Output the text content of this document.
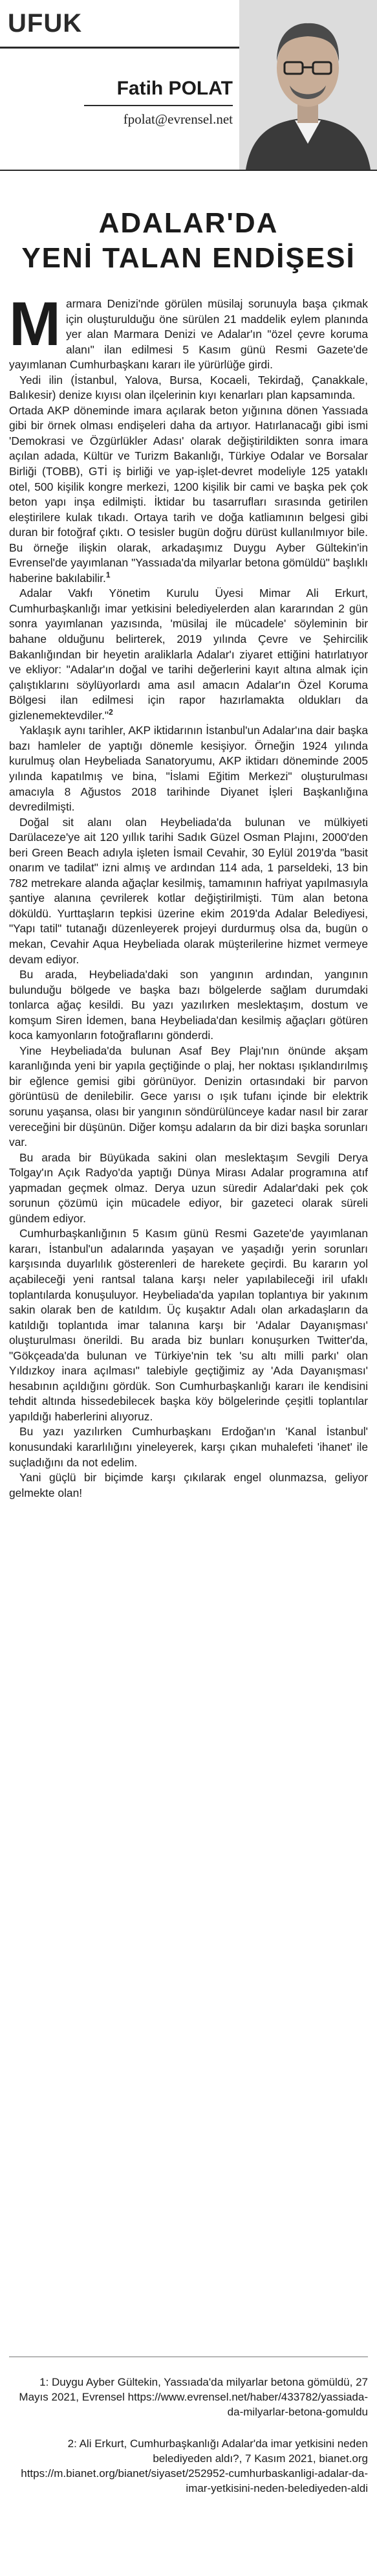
UFUK
Fatih POLAT
fpolat@evrensel.net
ADALAR'DA
YENİ TALAN ENDİŞESİ

Marmara Denizi'nde görülen müsilaj sorunuyla başa çıkmak için oluşturulduğu öne sürülen 21 maddelik eylem planında yer alan Marmara Denizi ve Adalar'ın "özel çevre koruma alanı" ilan edilmesi 5 Kasım günü Resmi Gazete'de yayımlanan Cumhurbaşkanı kararı ile yürürlüğe girdi.

Yedi ilin (İstanbul, Yalova, Bursa, Kocaeli, Tekirdağ, Çanakkale, Balıkesir) denize kıyısı olan ilçelerinin kıyı kenarları plan kapsamında.

Ortada AKP döneminde imara açılarak beton yığınına dönen Yassıada gibi bir örnek olması endişeleri daha da artıyor. Hatırlanacağı gibi ismi 'Demokrasi ve Özgürlükler Adası' olarak değiştirildikten sonra imara açılan adada, Kültür ve Turizm Bakanlığı, Türkiye Odalar ve Borsalar Birliği (TOBB), GTİ iş birliği ve yap-işlet-devret modeliyle 125 yataklı otel, 500 kişilik kongre merkezi, 1200 kişilik bir cami ve başka pek çok beton yapı inşa edilmişti. İktidar bu tasarrufları sırasında getirilen eleştirilere kulak tıkadı. Ortaya tarih ve doğa katliamının belgesi gibi duran bir fotoğraf çıktı. O tesisler bugün doğru dürüst kullanılmıyor bile. Bu örneğe ilişkin olarak, arkadaşımız Duygu Ayber Gültekin'in Evrensel'de yayımlanan "Yassıada'da milyarlar betona gömüldü" başlıklı haberine bakılabilir.$^1$

Adalar Vakfı Yönetim Kurulu Üyesi Mimar Ali Erkurt, Cumhurbaşkanlığı imar yetkisini belediyelerden alan kararından 2 gün sonra yayımlanan yazısında, 'müsilaj ile mücadele' söyleminin bir bahane olduğunu belirterek, 2019 yılında Çevre ve Şehircilik Bakanlığından bir heyetin araliklarla Adalar'ı ziyaret ettiğini hatırlatıyor ve ekliyor: "Adalar'ın doğal ve tarihi değerlerini kayıt altına almak için çalıştıklarını söylüyorlardı ama asıl amacın Adalar'ın Özel Koruma Bölgesi ilan edilmesi için rapor hazırlamakta oldukları da gizlenemektevdiler."$^2$

Yaklaşık aynı tarihler, AKP iktidarının İstanbul'un Adalar'ına dair başka bazı hamleler de yaptığı dönemle kesişiyor. Örneğin 1924 yılında kurulmuş olan Heybeliada Sanatoryumu, AKP iktidarı döneminde 2005 yılında kapatılmış ve bina, "İslami Eğitim Merkezi" oluşturulması amacıyla 8 Ağustos 2018 tarihinde Diyanet İşleri Başkanlığına devredilmişti.

Doğal sit alanı olan Heybeliada'da bulunan ve mülkiyeti Darülaceze'ye ait 120 yıllık tarihi Sadık Güzel Osman Plajını, 2000'den beri Green Beach adıyla işleten İsmail Cevahir, 30 Eylül 2019'da "basit onarım ve tadilat" izni almış ve ardından 114 ada, 1 parseldeki, 13 bin 782 metrekare alanda ağaçlar kesilmiş, tamamının hafriyat yapılmasıyla şantiye alanına çevrilerek kotlar değiştirilmişti. Tüm alan betona döküldü. Yurttaşların tepkisi üzerine ekim 2019'da Adalar Belediyesi, "Yapı tatil" tutanağı düzenleyerek projeyi durdurmuş olsa da, bugün o mekan, Cevahir Aqua Heybeliada olarak müşterilerine hizmet vermeye devam ediyor.

Bu arada, Heybeliada'daki son yangının ardından, yangının bulunduğu bölgede ve başka bazı bölgelerde sağlam durumdaki tonlarca ağaç kesildi. Bu yazı yazılırken meslektaşım, dostum ve komşum Siren İdemen, bana Heybeliada'dan kesilmiş ağaçları götüren koca kamyonların fotoğraflarını gönderdi.

Yine Heybeliada'da bulunan Asaf Bey Plajı'nın önünde akşam karanlığında yeni bir yapıla geçtiğinde o plaj, her noktası ışıklandırılmış bir eğlence gemisi gibi görünüyor. Denizin ortasındaki bir parvon görüntüsü de denilebilir. Gece yarısı o ışık tufanı içinde bir elektrik sorunu yaşansa, olası bir yangının söndürülünceye kadar nasıl bir zarar vereceğini bir düşünün. Diğer komşu adaların da bir dizi başka sorunları var.

Bu arada bir Büyükada sakini olan meslektaşım Sevgili Derya Tolgay'ın Açık Radyo'da yaptığı Dünya Mirası Adalar programına atıf yapmadan geçmek olmaz. Derya uzun süredir Adalar'daki pek çok sorunun çözümü için mücadele ediyor, bir gazeteci olarak süreli gündem ediyor.

Cumhurbaşkanlığının 5 Kasım günü Resmi Gazete'de yayımlanan kararı, İstanbul'un adalarında yaşayan ve yaşadığı yerin sorunları karşısında duyarlılık gösterenleri de harekete geçirdi. Bu kararın yol açabileceği yeni rantsal talana karşı neler yapılabileceği iril ufaklı toplantılarda konuşuluyor. Heybeliada'da yapılan toplantıya bir yakınım sakin olarak ben de katıldım. Üç kuşaktır Adalı olan arkadaşların da katıldığı toplantıda imar talanına karşı bir 'Adalar Dayanışması' oluşturulması önerildi. Bu arada biz bunları konuşurken Twitter'da, "Gökçeada'da bulunan ve Türkiye'nin tek 'su altı milli parkı' olan Yıldızkoy inara açılması" talebiyle geçtiğimiz ay 'Ada Dayanışması' hesabının açıldığını gördük. Son Cumhurbaşkanlığı kararı ile kendisini tehdit altında hissedebilecek başka köy bölgelerinde çeşitli toplantılar yapıldığı haberlerini alıyoruz.

Bu yazı yazılırken Cumhurbaşkanı Erdoğan'ın 'Kanal İstanbul' konusundaki kararlılığını yineleyerek, karşı çıkan muhalefeti 'ihanet' ile suçladığını da not edelim.

Yani güçlü bir biçimde karşı çıkılarak engel olunmazsa, geliyor gelmekte olan!

1: Duygu Ayber Gültekin, Yassıada'da milyarlar betona gömüldü, 27 Mayıs 2021, Evrensel https://www.evrensel.net/haber/433782/yassiada-da-milyarlar-betona-gomuldu

2: Ali Erkurt, Cumhurbaşkanlığı Adalar'da imar yetkisini neden belediyeden aldı?, 7 Kasım 2021, bianet.org https://m.bianet.org/bianet/siyaset/252952-cumhurbaskanligi-adalar-da-imar-yetkisini-neden-belediyeden-aldi
